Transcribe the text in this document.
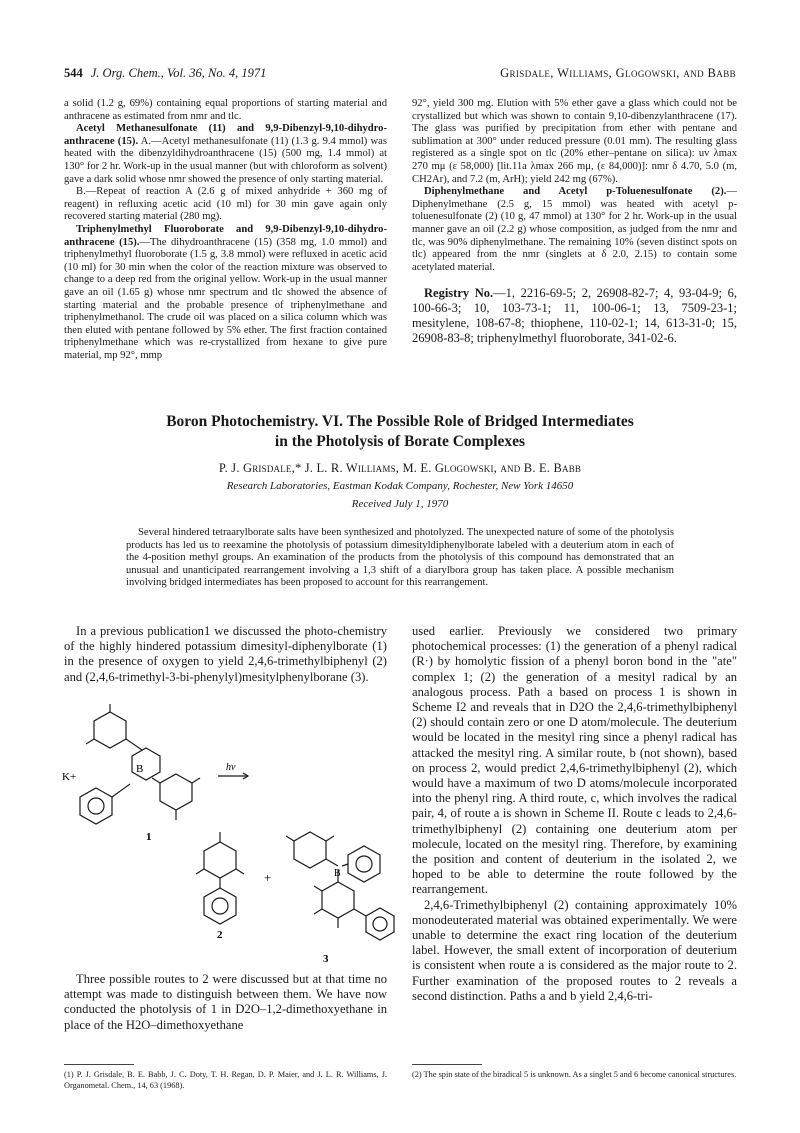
544 J. Org. Chem., Vol. 36, No. 4, 1971	Grisdale, Williams, Glogowski, and Babb

a solid (1.2 g, 69%) containing equal proportions of starting material and anthracene as estimated from nmr and tlc.

Acetyl Methanesulfonate (11) and 9,9-Dibenzyl-9,10-dihydro-anthracene (15). A.—Acetyl methanesulfonate (11) (1.3 g. 9.4 mmol) was heated with the dibenzyldihydroanthracene (15) (500 mg, 1.4 mmol) at 130° for 2 hr. Work-up in the usual manner (but with chloroform as solvent) gave a dark solid whose nmr showed the presence of only starting material.

B.—Repeat of reaction A (2.6 g of mixed anhydride + 360 mg of reagent) in refluxing acetic acid (10 ml) for 30 min gave again only recovered starting material (280 mg).

Triphenylmethyl Fluoroborate and 9,9-Dibenzyl-9,10-dihydro-anthracene (15).—The dihydroanthracene (15) (358 mg, 1.0 mmol) and triphenylmethyl fluoroborate (1.5 g, 3.8 mmol) were refluxed in acetic acid (10 ml) for 30 min when the color of the reaction mixture was observed to change to a deep red from the original yellow. Work-up in the usual manner gave an oil (1.65 g) whose nmr spectrum and tlc showed the absence of starting material and the probable presence of triphenylmethane and triphenylmethanol. The crude oil was placed on a silica column which was then eluted with pentane followed by 5% ether. The first fraction contained triphenylmethane which was re-crystallized from hexane to give pure material, mp 92°, mmp

92°, yield 300 mg. Elution with 5% ether gave a glass which could not be crystallized but which was shown to contain 9,10-dibenzylanthracene (17). The glass was purified by precipitation from ether with pentane and sublimation at 300° under reduced pressure (0.01 mm). The resulting glass registered as a single spot on tlc (20% ether–pentane on silica): uv λmax 270 mμ (ε 58,000) [lit.11a λmax 266 mμ, (ε 84,000)]: nmr δ 4.70, 5.0 (m, CH2Ar), and 7.2 (m, ArH); yield 242 mg (67%).

Diphenylmethane and Acetyl p-Toluenesulfonate (2).—Diphenylmethane (2.5 g, 15 mmol) was heated with acetyl p-toluenesulfonate (2) (10 g, 47 mmol) at 130° for 2 hr. Work-up in the usual manner gave an oil (2.2 g) whose composition, as judged from the nmr and tlc, was 90% diphenylmethane. The remaining 10% (seven distinct spots on tlc) appeared from the nmr (singlets at δ 2.0, 2.15) to contain some acetylated material.

Registry No.—1, 2216-69-5; 2, 26908-82-7; 4, 93-04-9; 6, 100-66-3; 10, 103-73-1; 11, 100-06-1; 13, 7509-23-1; mesitylene, 108-67-8; thiophene, 110-02-1; 14, 613-31-0; 15, 26908-83-8; triphenylmethyl fluoroborate, 341-02-6.

Boron Photochemistry. VI. The Possible Role of Bridged Intermediates
in the Photolysis of Borate Complexes
P. J. Grisdale,* J. L. R. Williams, M. E. Glogowski, and B. E. Babb
Research Laboratories, Eastman Kodak Company, Rochester, New York 14650
Received July 1, 1970
Several hindered tetraarylborate salts have been synthesized and photolyzed. The unexpected nature of some of the photolysis products has led us to reexamine the photolysis of potassium dimesityldiphenylborate labeled with a deuterium atom in each of the 4-position methyl groups. An examination of the products from the photolysis of this compound has demonstrated that an unusual and unanticipated rearrangement involving a 1,3 shift of a diarylbora group has taken place. A possible mechanism involving bridged intermediates has been proposed to account for this rearrangement.

In a previous publication1 we discussed the photo-chemistry of the highly hindered potassium dimesityl-diphenylborate (1) in the presence of oxygen to yield 2,4,6-trimethylbiphenyl (2) and (2,4,6-trimethyl-3-bi-phenylyl)mesitylphenylborane (3).

K+
B	hν
1
+	B
2
3

Three possible routes to 2 were discussed but at that time no attempt was made to distinguish between them. We have now conducted the photolysis of 1 in D2O–1,2-dimethoxyethane in place of the H2O–dimethoxyethane

used earlier. Previously we considered two primary photochemical processes: (1) the generation of a phenyl radical (R·) by homolytic fission of a phenyl boron bond in the "ate" complex 1; (2) the generation of a mesityl radical by an analogous process. Path a based on process 1 is shown in Scheme I2 and reveals that in D2O the 2,4,6-trimethylbiphenyl (2) should contain zero or one D atom/molecule. The deuterium would be located in the mesityl ring since a phenyl radical has attacked the mesityl ring. A similar route, b (not shown), based on process 2, would predict 2,4,6-trimethylbiphenyl (2), which would have a maximum of two D atoms/molecule incorporated into the phenyl ring. A third route, c, which involves the radical pair, 4, of route a is shown in Scheme II. Route c leads to 2,4,6-trimethylbiphenyl (2) containing one deuterium atom per molecule, located on the mesityl ring. Therefore, by examining the position and content of deuterium in the isolated 2, we hoped to be able to determine the route followed by the rearrangement.

2,4,6-Trimethylbiphenyl (2) containing approximately 10% monodeuterated material was obtained experimentally. We were unable to determine the exact ring location of the deuterium label. However, the small extent of incorporation of deuterium is consistent when route a is considered as the major route to 2. Further examination of the proposed routes to 2 reveals a second distinction. Paths a and b yield 2,4,6-tri-

(1) P. J. Grisdale, B. E. Babb, J. C. Doty, T. H. Regan, D. P. Maier, and J. L. R. Williams, J. Organometal. Chem., 14, 63 (1968).
(2) The spin state of the biradical 5 is unknown. As a singlet 5 and 6 become canonical structures.
